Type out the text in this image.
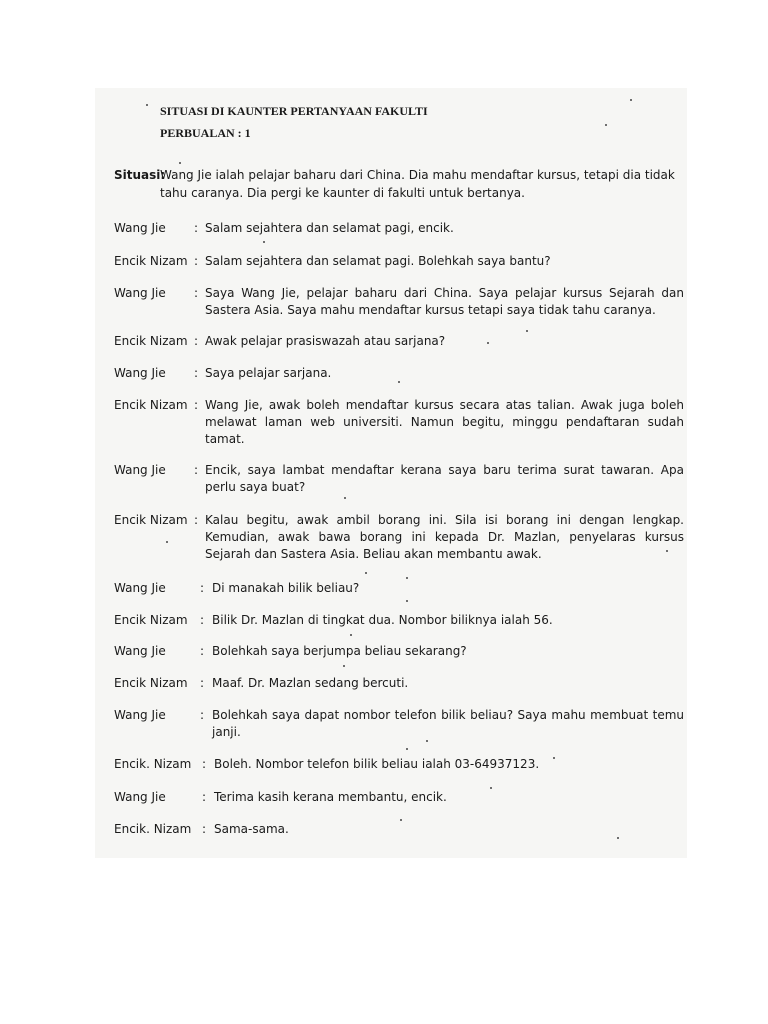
SITUASI DI KAUNTER PERTANYAAN FAKULTI
PERBUALAN : 1
Situasi:
Wang Jie ialah pelajar baharu dari China. Dia mahu mendaftar kursus, tetapi dia tidak tahu caranya. Dia pergi ke kaunter di fakulti untuk bertanya.
Wang Jie : Salam sejahtera dan selamat pagi, encik.
Encik Nizam : Salam sejahtera dan selamat pagi. Bolehkah saya bantu?
Wang Jie : Saya Wang Jie, pelajar baharu dari China. Saya pelajar kursus Sejarah dan Sastera Asia. Saya mahu mendaftar kursus tetapi saya tidak tahu caranya.
Encik Nizam : Awak pelajar prasiswazah atau sarjana?
Wang Jie : Saya pelajar sarjana.
Encik Nizam : Wang Jie, awak boleh mendaftar kursus secara atas talian. Awak juga boleh melawat laman web universiti. Namun begitu, minggu pendaftaran sudah tamat.
Wang Jie : Encik, saya lambat mendaftar kerana saya baru terima surat tawaran. Apa perlu saya buat?
Encik Nizam : Kalau begitu, awak ambil borang ini. Sila isi borang ini dengan lengkap. Kemudian, awak bawa borang ini kepada Dr. Mazlan, penyelaras kursus Sejarah dan Sastera Asia. Beliau akan membantu awak.
Wang Jie	: Di manakah bilik beliau?
Encik Nizam : Bilik Dr. Mazlan di tingkat dua. Nombor biliknya ialah 56.
Wang Jie	: Bolehkah saya berjumpa beliau sekarang?
Encik Nizam : Maaf. Dr. Mazlan sedang bercuti.
Wang Jie	: Bolehkah saya dapat nombor telefon bilik beliau? Saya mahu membuat temu janji.
Encik. Nizam : Boleh. Nombor telefon bilik beliau ialah 03-64937123.
Wang Jie	: Terima kasih kerana membantu, encik.
Encik. Nizam : Sama-sama.
